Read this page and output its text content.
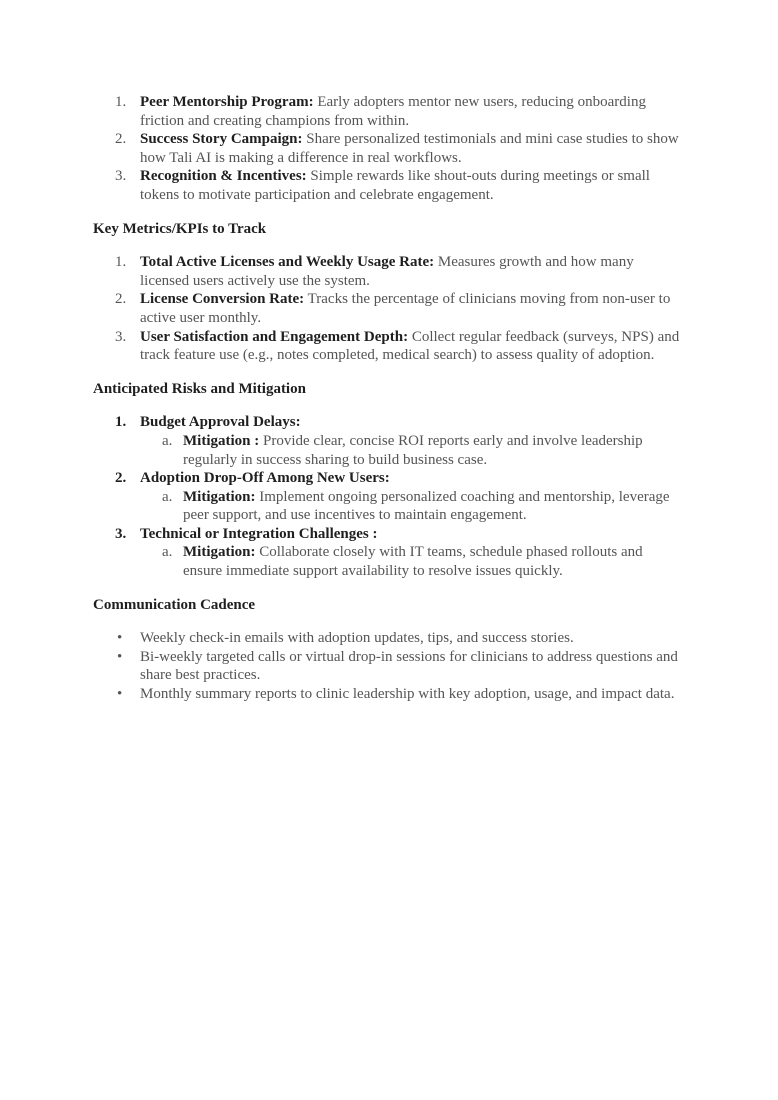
1. Peer Mentorship Program: Early adopters mentor new users, reducing onboarding friction and creating champions from within.
2. Success Story Campaign: Share personalized testimonials and mini case studies to show how Tali AI is making a difference in real workflows.
3. Recognition & Incentives: Simple rewards like shout-outs during meetings or small tokens to motivate participation and celebrate engagement.
Key Metrics/KPIs to Track
1. Total Active Licenses and Weekly Usage Rate: Measures growth and how many licensed users actively use the system.
2. License Conversion Rate: Tracks the percentage of clinicians moving from non-user to active user monthly.
3. User Satisfaction and Engagement Depth: Collect regular feedback (surveys, NPS) and track feature use (e.g., notes completed, medical search) to assess quality of adoption.
Anticipated Risks and Mitigation
1. Budget Approval Delays:
a. Mitigation : Provide clear, concise ROI reports early and involve leadership regularly in success sharing to build business case.
2. Adoption Drop-Off Among New Users:
a. Mitigation: Implement ongoing personalized coaching and mentorship, leverage peer support, and use incentives to maintain engagement.
3. Technical or Integration Challenges :
a. Mitigation: Collaborate closely with IT teams, schedule phased rollouts and ensure immediate support availability to resolve issues quickly.
Communication Cadence
• Weekly check-in emails with adoption updates, tips, and success stories.
• Bi-weekly targeted calls or virtual drop-in sessions for clinicians to address questions and share best practices.
• Monthly summary reports to clinic leadership with key adoption, usage, and impact data.
